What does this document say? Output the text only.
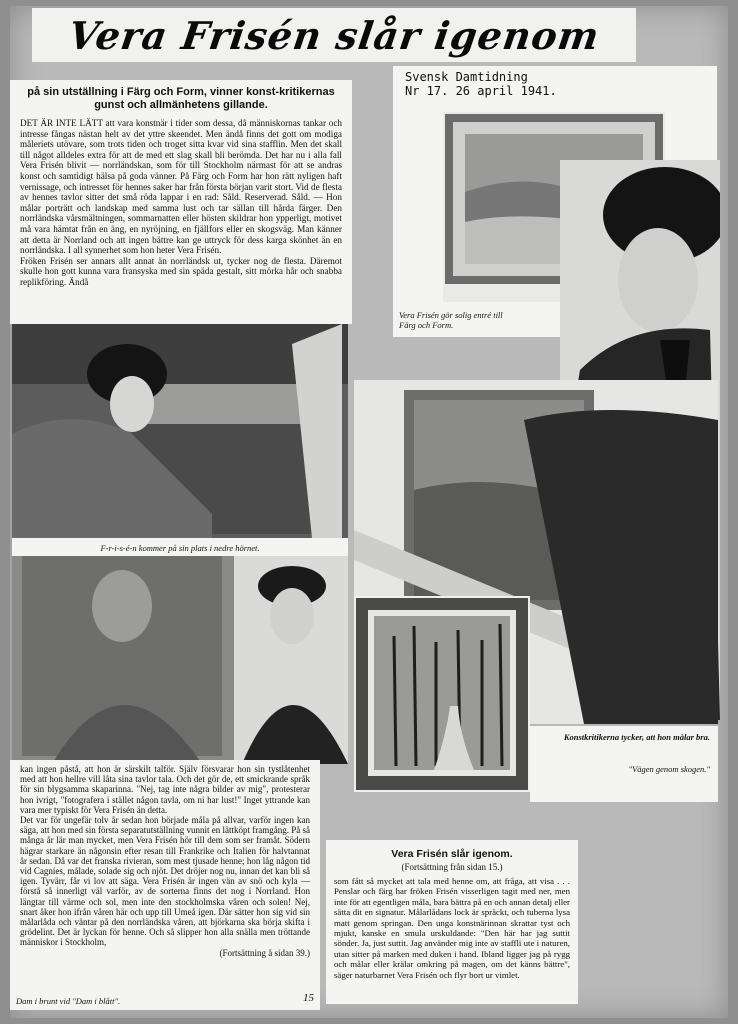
Vera Frisén slår igenom
på sin utställning i Färg och Form, vinner konst-kritikernas gunst och allmänhetens gillande.
DET ÄR INTE LÄTT att vara konstnär i tider som dessa, då människornas tankar och intresse fångas nästan helt av det yttre skeendet. Men ändå finns det gott om modiga måleriets utövare, som trots tiden och troget sitta kvar vid sina stafflin. Men det skall till något alldeles extra för att de med ett slag skall bli berömda. Det har nu i alla fall Vera Frisén blivit — norrländskan, som för till Stockholm närmast för att se andras konst och samtidigt hälsa på goda vänner. På Färg och Form har hon rätt nyligen haft vernissage, och intresset för hennes saker har från första början varit stort. Vid de flesta av hennes tavlor sitter det små röda lappar i en rad: Såld. Reserverad. Såld. — Hon målar porträtt och landskap med samma lust och tar sällan till hårda färger. Den norrländska vårsmältningen, sommarnatten eller hösten skildrar hon ypperligt, motivet må vara hämtat från en äng, en nyröjning, en fjällfors eller en skogsväg. Man känner att detta är Norrland och att ingen bättre kan ge uttryck för dess karga skönhet än en norrländska. I all synnerhet som hon heter Vera Frisén.
Fröken Frisén ser annars allt annat än norrländsk ut, tycker nog de flesta. Däremot skulle hon gott kunna vara fransyska med sin späda gestalt, sitt mörka hår och snabba replikföring. Ändå
Svensk Damtidning
Nr 17. 26 april 1941.
Vera Frisén gör solig entré till Färg och Form.
F-r-i-s-é-n kommer på sin plats i nedre hörnet.
Konstkritikerna tycker, att hon målar bra.
"Vägen genom skogen."
kan ingen påstå, att hon är särskilt talför. Själv försvarar hon sin tystlåtenhet med att hon hellre vill låta sina tavlor tala. Och det gör de, ett smickrande språk för sin blygsamma skaparinna. "Nej, tag inte några bilder av mig", protesterar hon ivrigt, "fotografera i stället någon tavla, om ni har lust!" Inget yttrande kan vara mer typiskt för Vera Frisén än detta.
Det var för ungefär tolv år sedan hon började måla på allvar, varför ingen kan säga, att hon med sin första separatutställning vunnit en lättköpt framgång. På så många år lär man mycket, men Vera Frisén hör till dem som ser framåt. Södern hägrar starkare än någonsin efter resan till Frankrike och Italien för halvtannat år sedan. Då var det franska rivieran, som mest tjusade henne; hon låg någon tid vid Cagnies, målade, solade sig och njöt. Det dröjer nog nu, innan det kan bli så igen. Tyvärr, får vi lov att säga. Vera Frisén är ingen vän av snö och kyla — förstå så innerligt väl varför, av de sorterna finns det nog i Norrland. Hon längtar till värme och sol, men inte den stockholmska våren och solen! Nej, snart åker hon ifrån våren här och upp till Umeå igen. Där sätter hon sig vid sin målarlåda och väntar på den norrländska våren, att björkarna ska börja skifta i grödelint. Det är lyckan för henne. Och så slipper hon alla snälla men tröttande människor i Stockholm,
(Fortsättning å sidan 39.)
Dam i brunt vid "Dam i blått".	15
Vera Frisén slår igenom.
(Fortsättning från sidan 15.)
som fått så mycket att tala med henne om, att fråga, att visa . . . Penslar och färg har fröken Frisén visserligen tagit med ner, men inte för att egentligen måla, bara bättra på en och annan detalj eller sätta dit en signatur. Målarlådans lock är spräckt, och tuberna lysa matt genom springan. Den unga konstnärinnan skrattar tyst och mjukt, kanske en smula urskuldande: "Den här har jag suttit sönder. Ja, just suttit. Jag använder mig inte av staffli ute i naturen, utan sitter på marken med duken i hand. Ibland ligger jag på rygg och målar eller krälar omkring på magen, om det känns bättre", säger naturbarnet Vera Frisén och flyr bort ur vimlet.
